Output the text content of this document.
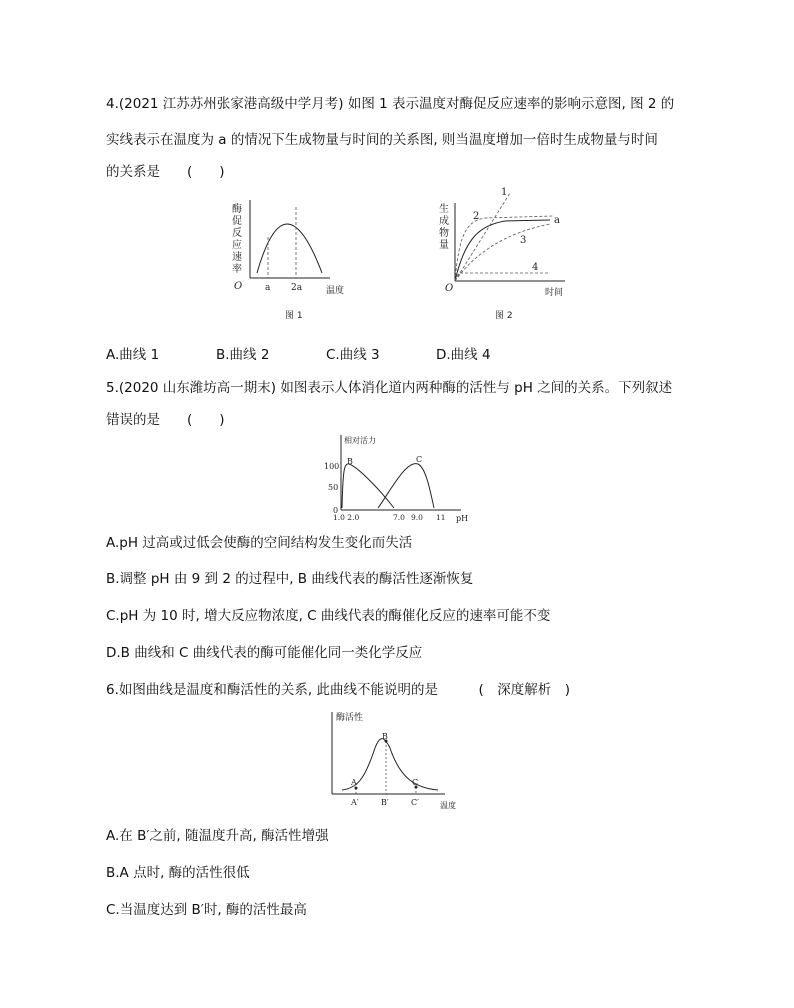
4.(2021 江苏苏州张家港高级中学月考) 如图 1 表示温度对酶促反应速率的影响示意图, 图 2 的
实线表示在温度为 a 的情况下生成物量与时间的关系图, 则当温度增加一倍时生成物量与时间
的关系是　　(　　)
酶
促
反
应
速
率
O	a 2a	温度
图 1
生
成
物
量
1
2
3
4
a
O	时间
图 2
A.曲线 1	B.曲线 2	C.曲线 3	D.曲线 4
5.(2020 山东潍坊高一期末) 如图表示人体消化道内两种酶的活性与 pH 之间的关系。下列叙述
错误的是　　(　　)
相对活力
100
50
0
B	C
1.0 2.0	7.0 9.0 11 pH
A.pH 过高或过低会使酶的空间结构发生变化而失活
B.调整 pH 由 9 到 2 的过程中, B 曲线代表的酶活性逐渐恢复
C.pH 为 10 时, 增大反应物浓度, C 曲线代表的酶催化反应的速率可能不变
D.B 曲线和 C 曲线代表的酶可能催化同一类化学反应
6.如图曲线是温度和酶活性的关系, 此曲线不能说明的是　　　(　深度解析　)
酶活性
A
B
C
A′	B′	C′	温度
A.在 B′之前, 随温度升高, 酶活性增强
B.A 点时, 酶的活性很低
C.当温度达到 B′时, 酶的活性最高
